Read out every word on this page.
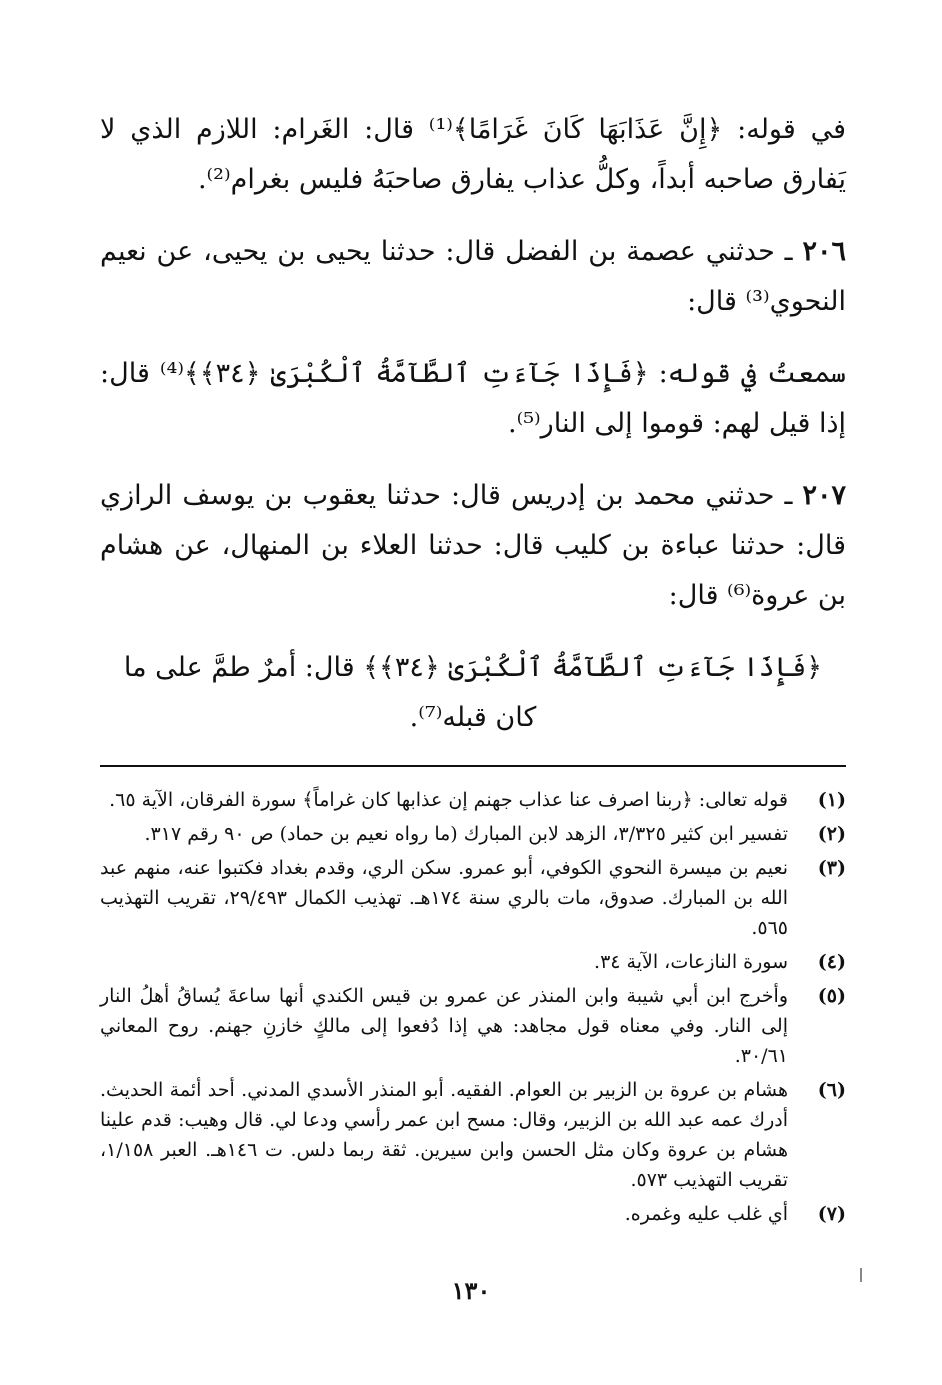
في قوله: ﴿إِنَّ عَذَابَهَا كَانَ غَرَامًا﴾⁽¹⁾ قال: الغَرام: اللازم الذي لا يَفارق صاحبه أبداً، وكلُّ عذاب يفارق صاحبَهُ فليس بغرام⁽²⁾.

٢٠٦ ـ حدثني عصمة بن الفضل قال: حدثنا يحيى بن يحيى، عن نعيم النحوي⁽³⁾ قال:

سمعتُ في قوله: ﴿فَإِذَا جَآءَتِ ٱلطَّآمَّةُ ٱلْكُبْرَىٰ ﴿٣٤﴾﴾⁽⁴⁾ قال: إذا قيل لهم: قوموا إلى النار⁽⁵⁾.

٢٠٧ ـ حدثني محمد بن إدريس قال: حدثنا يعقوب بن يوسف الرازي قال: حدثنا عباءة بن كليب قال: حدثنا العلاء بن المنهال، عن هشام بن عروة⁽⁶⁾ قال:

﴿فَإِذَا جَآءَتِ ٱلطَّآمَّةُ ٱلْكُبْرَىٰ ﴿٣٤﴾﴾ قال: أمرٌ طمَّ على ما كان قبله⁽⁷⁾.

(١)
قوله تعالى: ﴿ربنا اصرف عنا عذاب جهنم إن عذابها كان غراماً﴾ سورة الفرقان، الآية ٦٥.
(٢)
تفسير ابن كثير ٣/٣٢٥، الزهد لابن المبارك (ما رواه نعيم بن حماد) ص ٩٠ رقم ٣١٧.
(٣)
نعيم بن ميسرة النحوي الكوفي، أبو عمرو. سكن الري، وقدم بغداد فكتبوا عنه، منهم عبد الله بن المبارك. صدوق، مات بالري سنة ١٧٤هـ. تهذيب الكمال ٢٩/٤٩٣، تقريب التهذيب ٥٦٥.
(٤)
سورة النازعات، الآية ٣٤.
(٥)
وأخرج ابن أبي شيبة وابن المنذر عن عمرو بن قيس الكندي أنها ساعةَ يُساقُ أهلُ النار إلى النار. وفي معناه قول مجاهد: هي إذا دُفعوا إلى مالكٍ خازنِ جهنم. روح المعاني ٣٠/٦١.
(٦)
هشام بن عروة بن الزبير بن العوام. الفقيه. أبو المنذر الأسدي المدني. أحد أئمة الحديث. أدرك عمه عبد الله بن الزبير، وقال: مسح ابن عمر رأسي ودعا لي. قال وهيب: قدم علينا هشام بن عروة وكان مثل الحسن وابن سيرين. ثقة ربما دلس. ت ١٤٦هـ. العبر ١/١٥٨، تقريب التهذيب ٥٧٣.
(٧)
أي غلب عليه وغمره.
١٣٠
